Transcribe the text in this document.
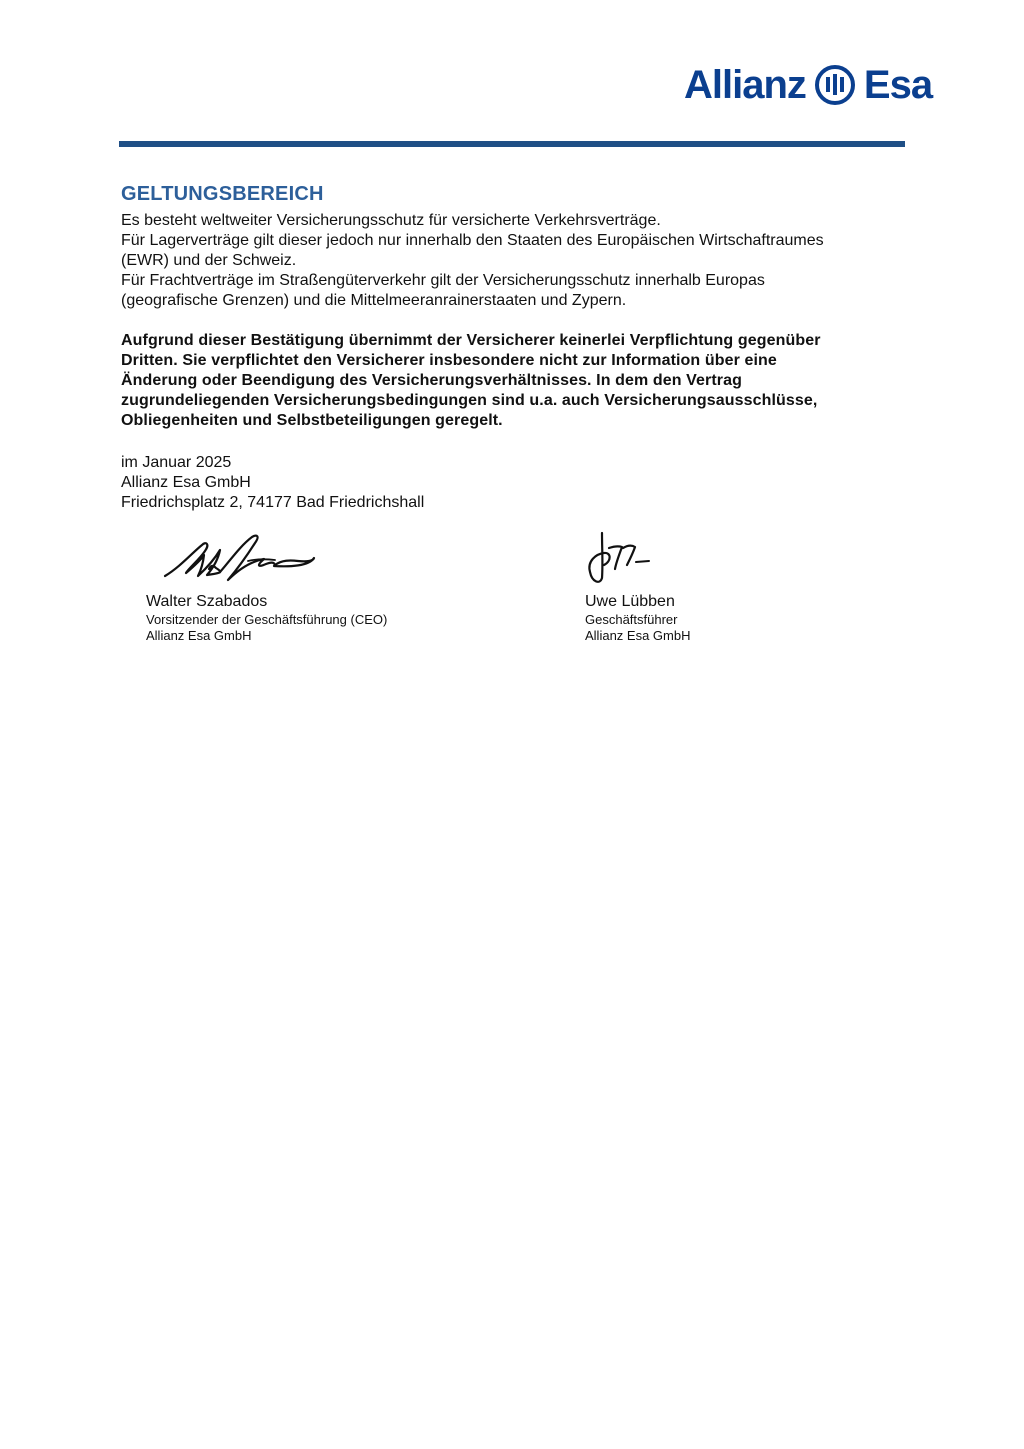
Allianz Esa
GELTUNGSBEREICH

Es besteht weltweiter Versicherungsschutz für versicherte Verkehrsverträge.
Für Lagerverträge gilt dieser jedoch nur innerhalb den Staaten des Europäischen Wirtschaftraumes
(EWR) und der Schweiz.
Für Frachtverträge im Straßengüterverkehr gilt der Versicherungsschutz innerhalb Europas
(geografische Grenzen) und die Mittelmeeranrainerstaaten und Zypern.

Aufgrund dieser Bestätigung übernimmt der Versicherer keinerlei Verpflichtung gegenüber
Dritten. Sie verpflichtet den Versicherer insbesondere nicht zur Information über eine
Änderung oder Beendigung des Versicherungsverhältnisses. In dem den Vertrag
zugrundeliegenden Versicherungsbedingungen sind u.a. auch Versicherungsausschlüsse,
Obliegenheiten und Selbstbeteiligungen geregelt.
im Januar 2025
Allianz Esa GmbH
Friedrichsplatz 2, 74177 Bad Friedrichshall
Walter Szabados
Vorsitzender der Geschäftsführung (CEO)
Allianz Esa GmbH
Uwe Lübben
Geschäftsführer
Allianz Esa GmbH
